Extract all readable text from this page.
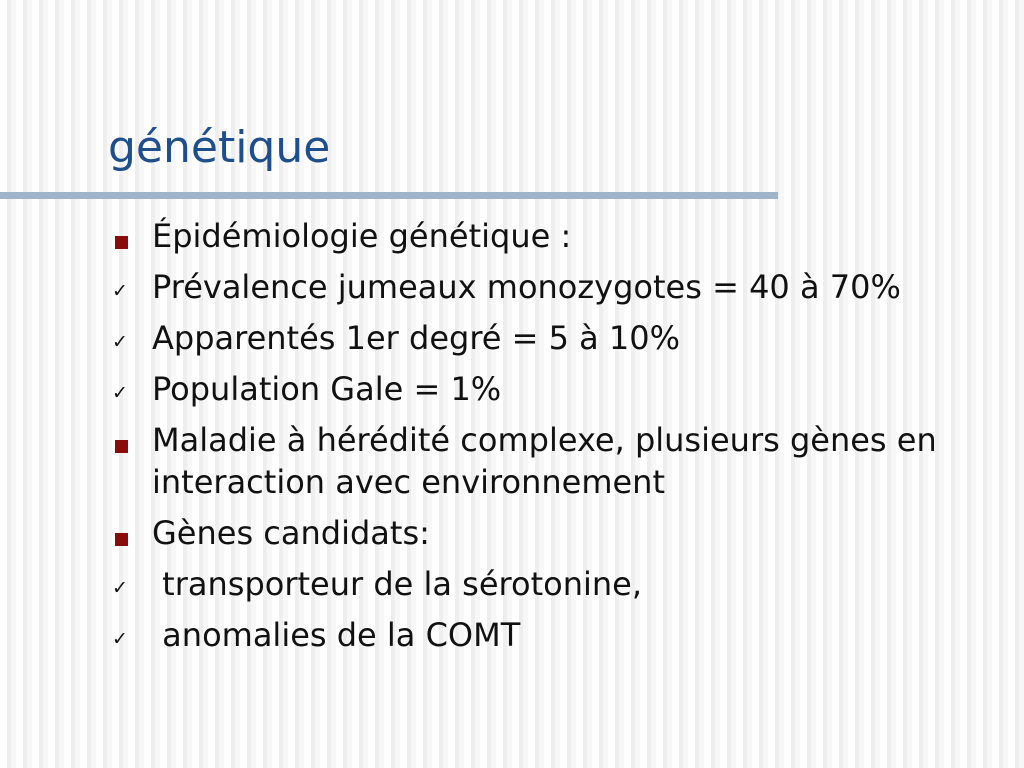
génétique
Épidémiologie génétique :
✓ Prévalence jumeaux monozygotes = 40 à 70%
✓ Apparentés 1er degré = 5 à 10%
✓ Population Gale = 1%
Maladie à hérédité complexe, plusieurs gènes en interaction avec environnement
Gènes candidats:
✓ transporteur de la sérotonine,
✓ anomalies de la COMT
